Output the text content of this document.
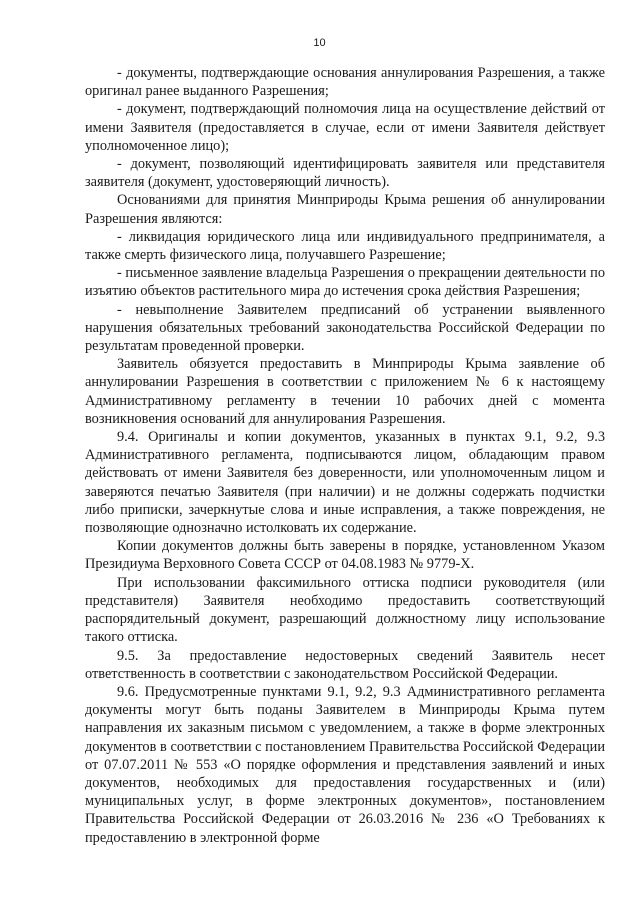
10

- документы, подтверждающие основания аннулирования Разрешения, а также оригинал ранее выданного Разрешения;

- документ, подтверждающий полномочия лица на осуществление действий от имени Заявителя (предоставляется в случае, если от имени Заявителя действует уполномоченное лицо);

- документ, позволяющий идентифицировать заявителя или представителя заявителя (документ, удостоверяющий личность).

Основаниями для принятия Минприроды Крыма решения об аннулировании Разрешения являются:

- ликвидация юридического лица или индивидуального предпринимателя, а также смерть физического лица, получавшего Разрешение;

- письменное заявление владельца Разрешения о прекращении деятельности по изъятию объектов растительного мира до истечения срока действия Разрешения;

- невыполнение Заявителем предписаний об устранении выявленного нарушения обязательных требований законодательства Российской Федерации по результатам проведенной проверки.

Заявитель обязуется предоставить в Минприроды Крыма заявление об аннулировании Разрешения в соответствии с приложением № 6 к настоящему Административному регламенту в течении 10 рабочих дней с момента возникновения оснований для аннулирования Разрешения.

9.4. Оригиналы и копии документов, указанных в пунктах 9.1, 9.2, 9.3 Административного регламента, подписываются лицом, обладающим правом действовать от имени Заявителя без доверенности, или уполномоченным лицом и заверяются печатью Заявителя (при наличии) и не должны содержать подчистки либо приписки, зачеркнутые слова и иные исправления, а также повреждения, не позволяющие однозначно истолковать их содержание.

Копии документов должны быть заверены в порядке, установленном Указом Президиума Верховного Совета СССР от 04.08.1983 № 9779-Х.

При использовании факсимильного оттиска подписи руководителя (или представителя) Заявителя необходимо предоставить соответствующий распорядительный документ, разрешающий должностному лицу использование такого оттиска.

9.5. За предоставление недостоверных сведений Заявитель несет ответственность в соответствии с законодательством Российской Федерации.

9.6. Предусмотренные пунктами 9.1, 9.2, 9.3 Административного регламента документы могут быть поданы Заявителем в Минприроды Крыма путем направления их заказным письмом с уведомлением, а также в форме электронных документов в соответствии с постановлением Правительства Российской Федерации от 07.07.2011 № 553 «О порядке оформления и представления заявлений и иных документов, необходимых для предоставления государственных и (или) муниципальных услуг, в форме электронных документов», постановлением Правительства Российской Федерации от 26.03.2016 № 236 «О Требованиях к предоставлению в электронной форме
